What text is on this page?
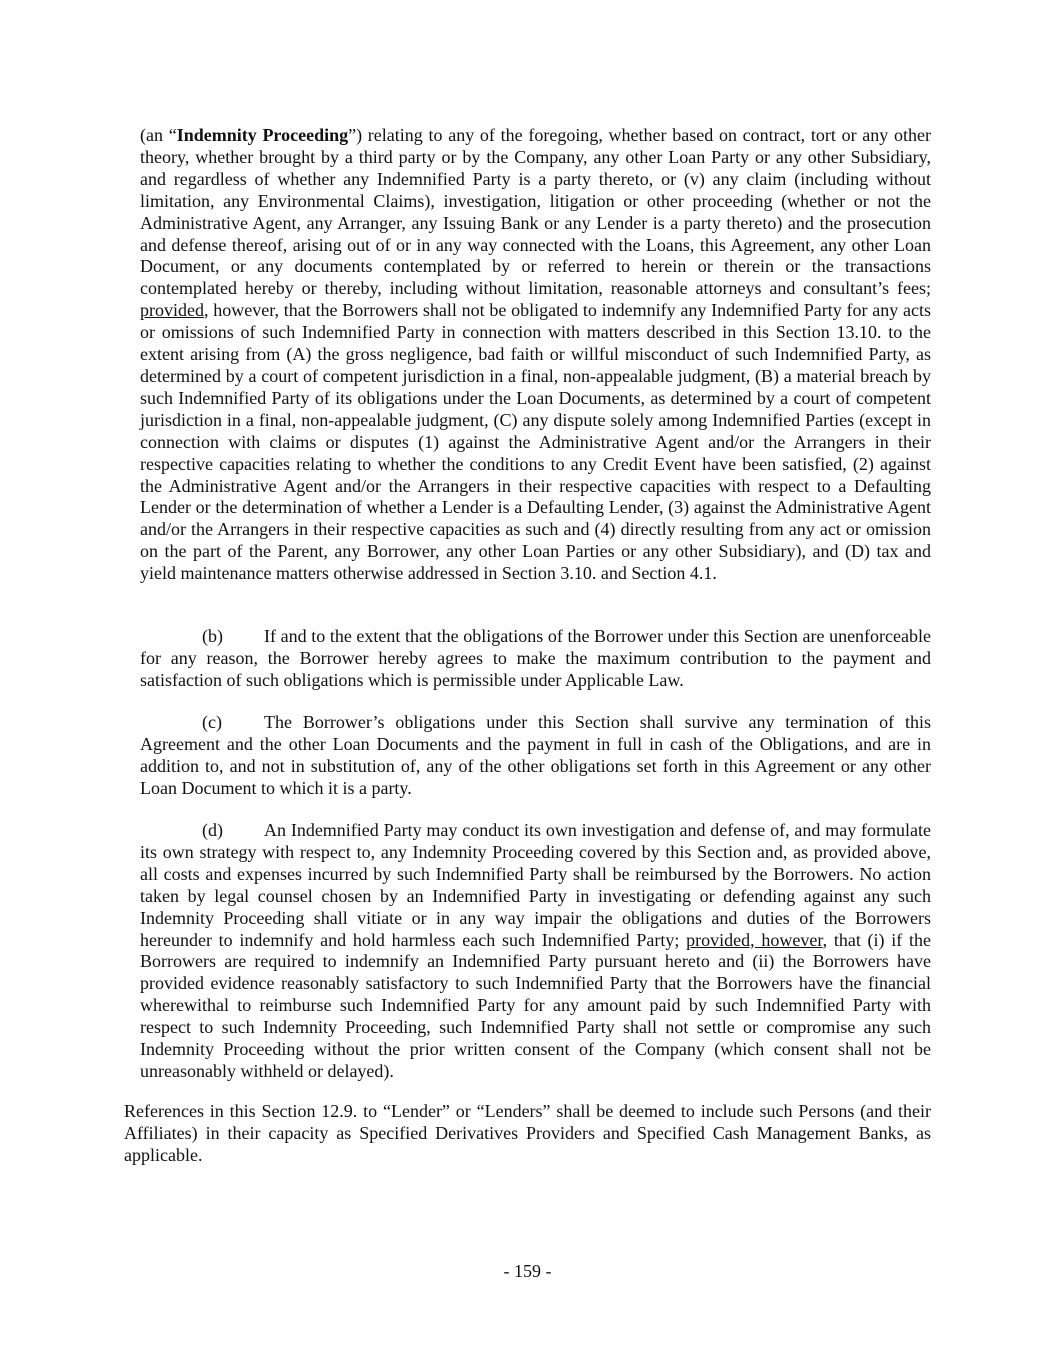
(an “Indemnity Proceeding”) relating to any of the foregoing, whether based on contract, tort or any other theory, whether brought by a third party or by the Company, any other Loan Party or any other Subsidiary, and regardless of whether any Indemnified Party is a party thereto, or (v) any claim (including without limitation, any Environmental Claims), investigation, litigation or other proceeding (whether or not the Administrative Agent, any Arranger, any Issuing Bank or any Lender is a party thereto) and the prosecution and defense thereof, arising out of or in any way connected with the Loans, this Agreement, any other Loan Document, or any documents contemplated by or referred to herein or therein or the transactions contemplated hereby or thereby, including without limitation, reasonable attorneys and consultant’s fees; provided, however, that the Borrowers shall not be obligated to indemnify any Indemnified Party for any acts or omissions of such Indemnified Party in connection with matters described in this Section 13.10. to the extent arising from (A) the gross negligence, bad faith or willful misconduct of such Indemnified Party, as determined by a court of competent jurisdiction in a final, non-appealable judgment, (B) a material breach by such Indemnified Party of its obligations under the Loan Documents, as determined by a court of competent jurisdiction in a final, non-appealable judgment, (C) any dispute solely among Indemnified Parties (except in connection with claims or disputes (1) against the Administrative Agent and/or the Arrangers in their respective capacities relating to whether the conditions to any Credit Event have been satisfied, (2) against the Administrative Agent and/or the Arrangers in their respective capacities with respect to a Defaulting Lender or the determination of whether a Lender is a Defaulting Lender, (3) against the Administrative Agent and/or the Arrangers in their respective capacities as such and (4) directly resulting from any act or omission on the part of the Parent, any Borrower, any other Loan Parties or any other Subsidiary), and (D) tax and yield maintenance matters otherwise addressed in Section 3.10. and Section 4.1.

(b) If and to the extent that the obligations of the Borrower under this Section are unenforceable for any reason, the Borrower hereby agrees to make the maximum contribution to the payment and satisfaction of such obligations which is permissible under Applicable Law.

(c) The Borrower’s obligations under this Section shall survive any termination of this Agreement and the other Loan Documents and the payment in full in cash of the Obligations, and are in addition to, and not in substitution of, any of the other obligations set forth in this Agreement or any other Loan Document to which it is a party.

(d) An Indemnified Party may conduct its own investigation and defense of, and may formulate its own strategy with respect to, any Indemnity Proceeding covered by this Section and, as provided above, all costs and expenses incurred by such Indemnified Party shall be reimbursed by the Borrowers. No action taken by legal counsel chosen by an Indemnified Party in investigating or defending against any such Indemnity Proceeding shall vitiate or in any way impair the obligations and duties of the Borrowers hereunder to indemnify and hold harmless each such Indemnified Party; provided, however, that (i) if the Borrowers are required to indemnify an Indemnified Party pursuant hereto and (ii) the Borrowers have provided evidence reasonably satisfactory to such Indemnified Party that the Borrowers have the financial wherewithal to reimburse such Indemnified Party for any amount paid by such Indemnified Party with respect to such Indemnity Proceeding, such Indemnified Party shall not settle or compromise any such Indemnity Proceeding without the prior written consent of the Company (which consent shall not be unreasonably withheld or delayed).

References in this Section 12.9. to “Lender” or “Lenders” shall be deemed to include such Persons (and their Affiliates) in their capacity as Specified Derivatives Providers and Specified Cash Management Banks, as applicable.

- 159 -
